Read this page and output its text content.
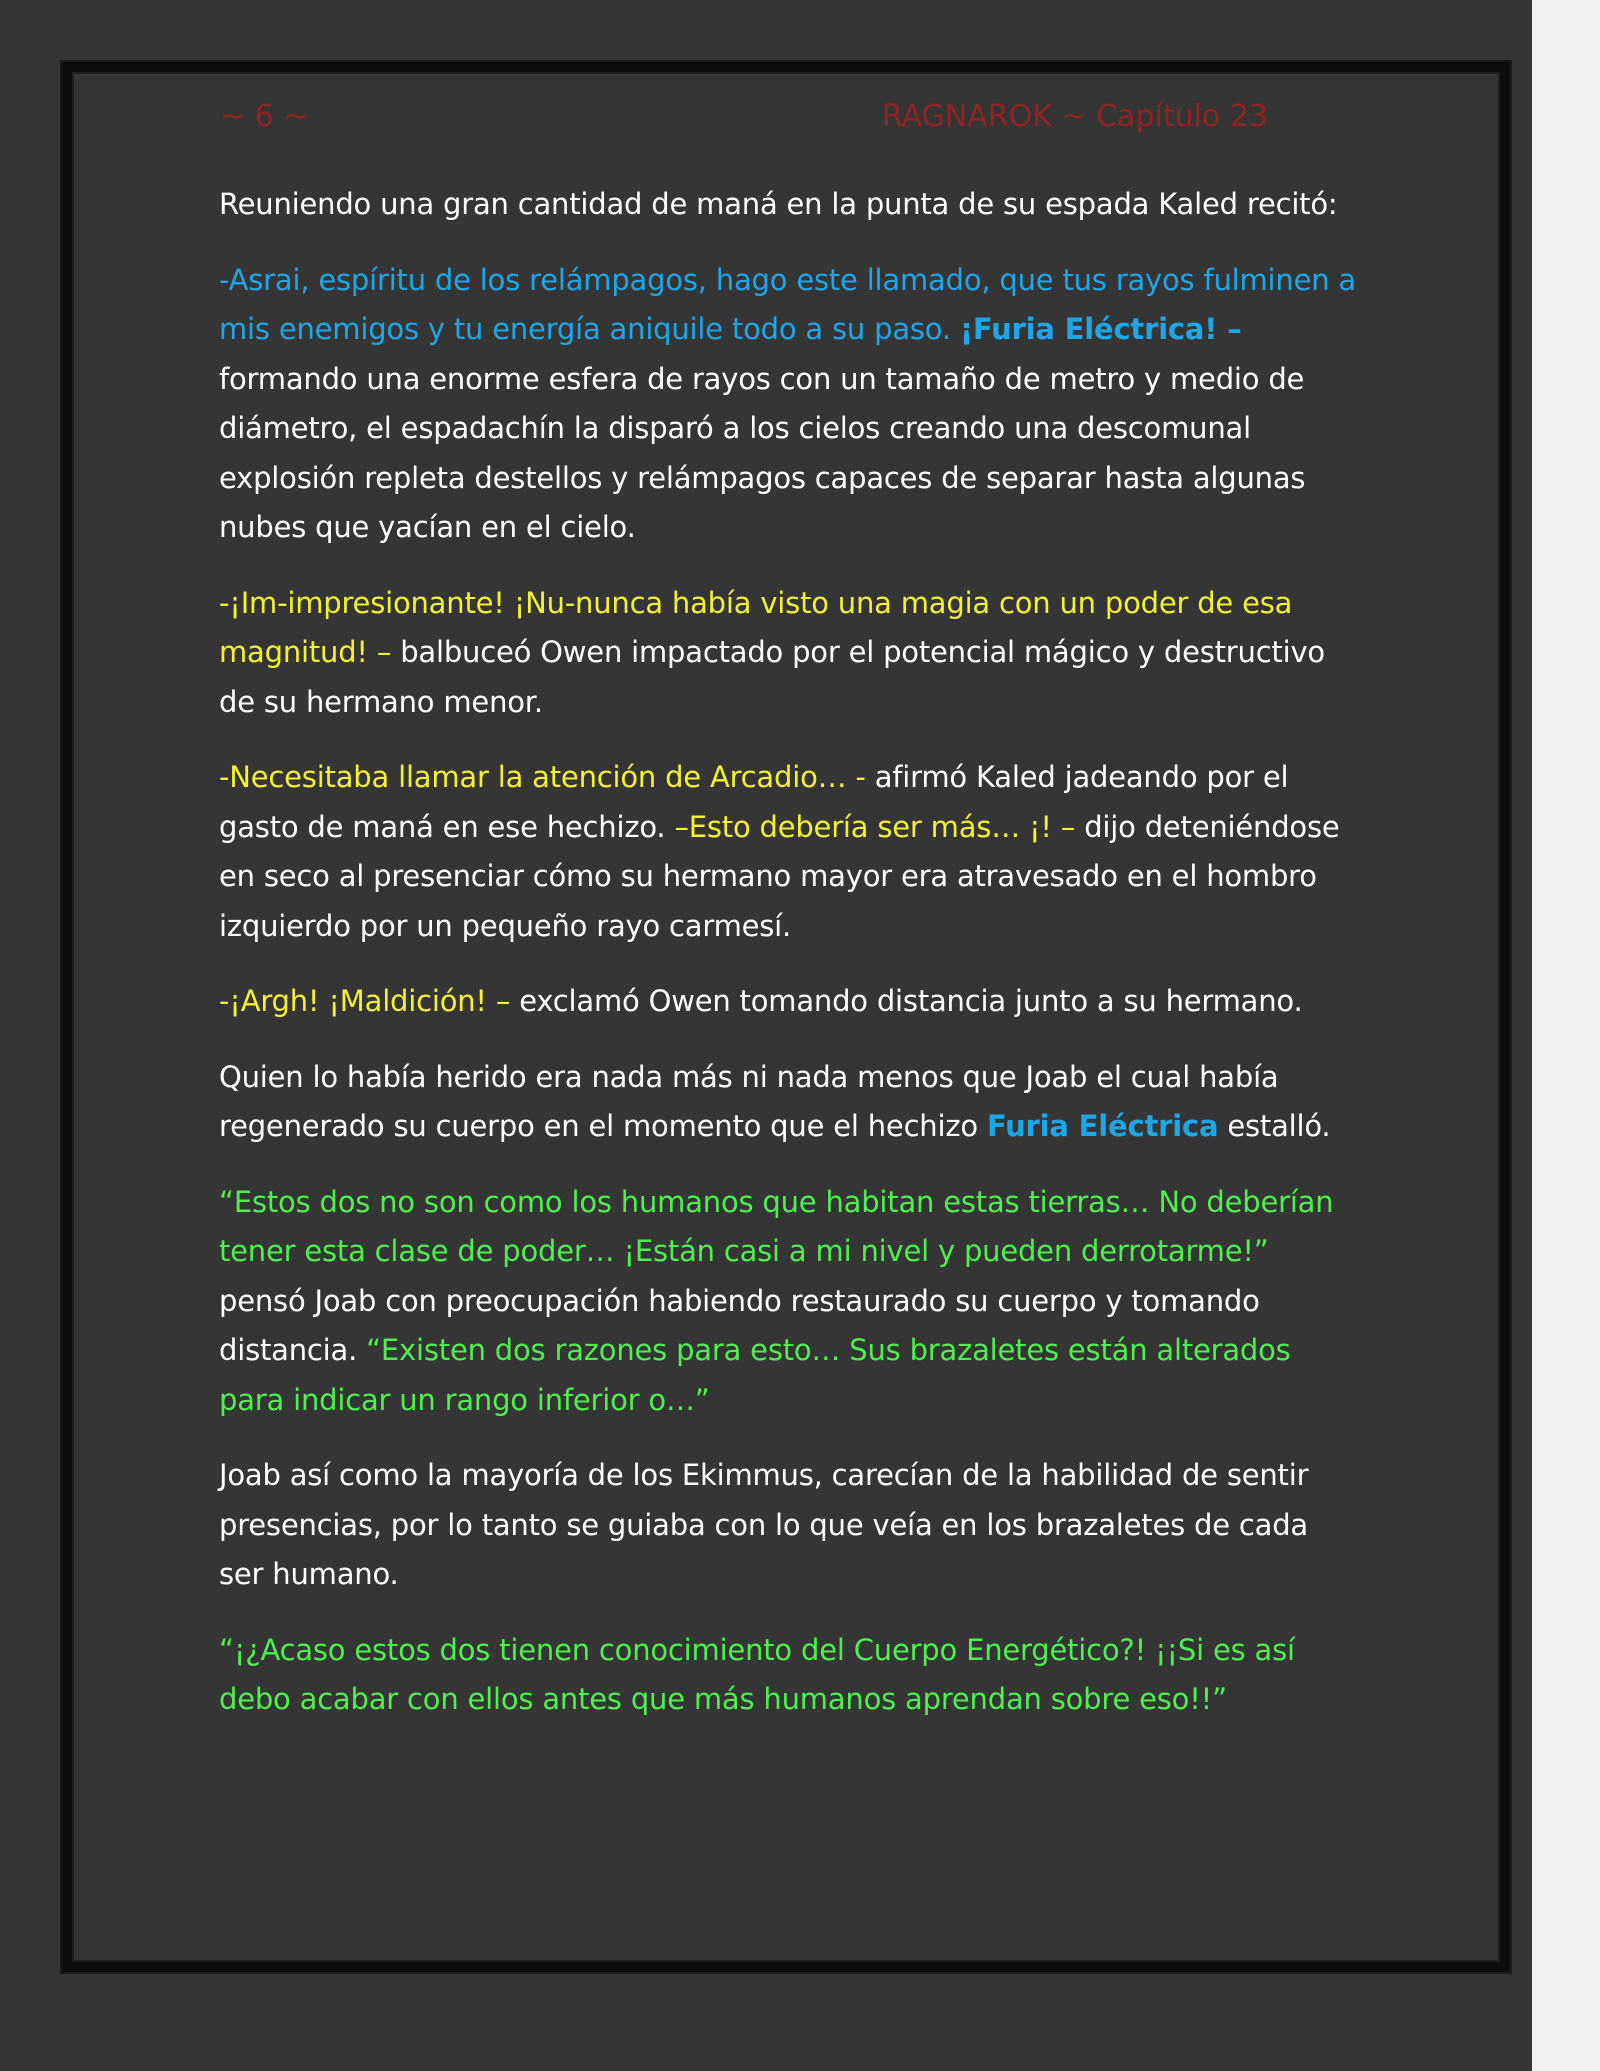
~ 6 ~	RAGNAROK ~ Capítulo 23

Reuniendo una gran cantidad de maná en la punta de su espada Kaled recitó:

-Asrai, espíritu de los relámpagos, hago este llamado, que tus rayos fulminen a mis enemigos y tu energía aniquile todo a su paso. ¡Furia Eléctrica! – formando una enorme esfera de rayos con un tamaño de metro y medio de diámetro, el espadachín la disparó a los cielos creando una descomunal explosión repleta destellos y relámpagos capaces de separar hasta algunas nubes que yacían en el cielo.

-¡Im-impresionante! ¡Nu-nunca había visto una magia con un poder de esa magnitud! – balbuceó Owen impactado por el potencial mágico y destructivo de su hermano menor.

-Necesitaba llamar la atención de Arcadio… - afirmó Kaled jadeando por el gasto de maná en ese hechizo. –Esto debería ser más… ¡! – dijo deteniéndose en seco al presenciar cómo su hermano mayor era atravesado en el hombro izquierdo por un pequeño rayo carmesí.

-¡Argh! ¡Maldición! – exclamó Owen tomando distancia junto a su hermano.

Quien lo había herido era nada más ni nada menos que Joab el cual había regenerado su cuerpo en el momento que el hechizo Furia Eléctrica estalló.

“Estos dos no son como los humanos que habitan estas tierras… No deberían tener esta clase de poder… ¡Están casi a mi nivel y pueden derrotarme!” pensó Joab con preocupación habiendo restaurado su cuerpo y tomando distancia. “Existen dos razones para esto… Sus brazaletes están alterados para indicar un rango inferior o…”

Joab así como la mayoría de los Ekimmus, carecían de la habilidad de sentir presencias, por lo tanto se guiaba con lo que veía en los brazaletes de cada ser humano.

“¡¿Acaso estos dos tienen conocimiento del Cuerpo Energético?! ¡¡Si es así debo acabar con ellos antes que más humanos aprendan sobre eso!!”
